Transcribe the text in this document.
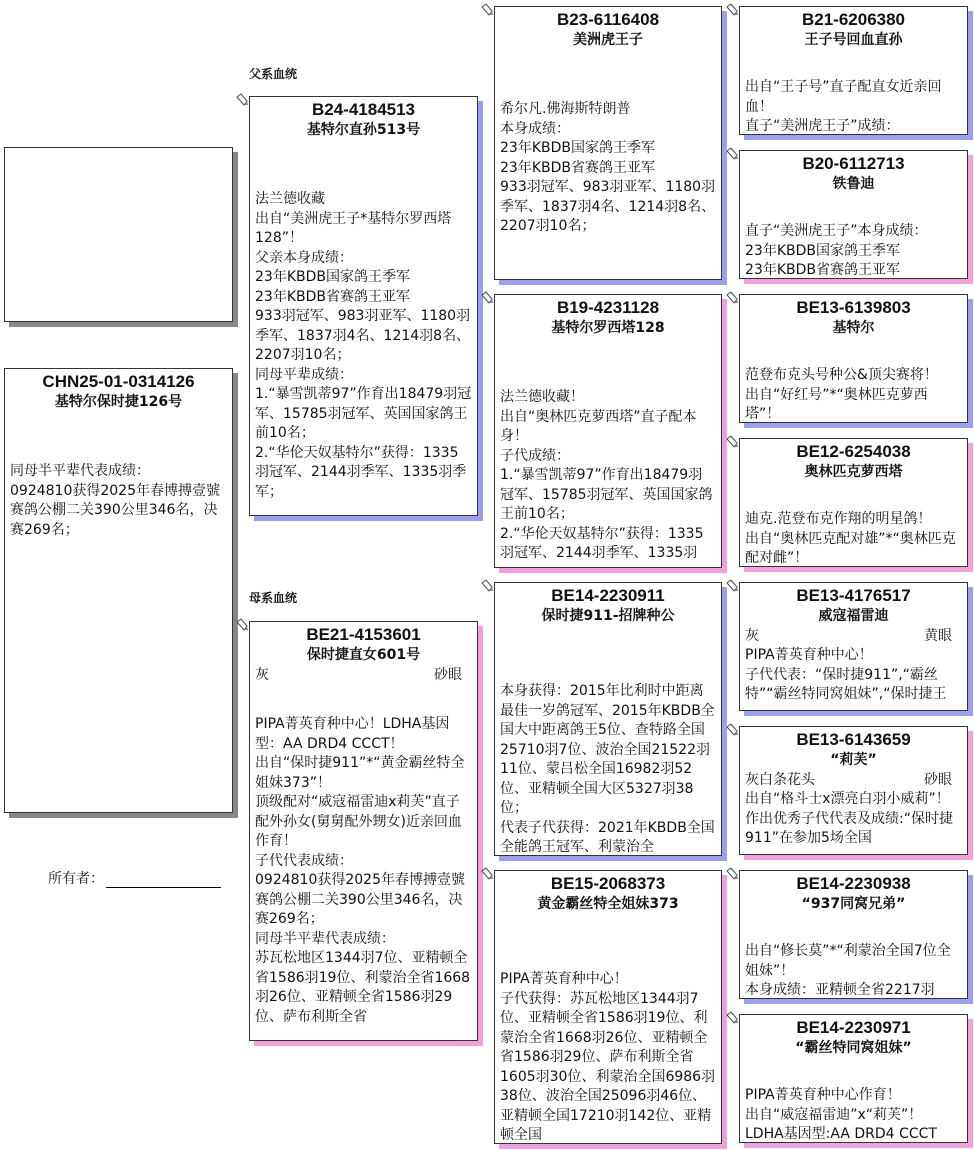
父系血统
母系血统
所有者：
CHN25-01-0314126
基特尔保时捷126号

同母半平辈代表成绩：

0924810获得2025年春博搏壹號赛鸽公棚二关390公里346名，决赛269名；

B24-4184513
基特尔直孙513号

法兰德收藏

出自“美洲虎王子*基特尔罗西塔128”！

父亲本身成绩：

23年KBDB国家鸽王季军

23年KBDB省赛鸽王亚军

933羽冠军、983羽亚军、1180羽季军、1837羽4名、1214羽8名、2207羽10名；

同母平辈成绩：

1.“暴雪凯蒂97”作育出18479羽冠军、15785羽冠军、英国国家鸽王前10名；

2.“华伦天奴基特尔”获得：1335羽冠军、2144羽季军、1335羽季军；

BE21-4153601
保时捷直女601号
灰	砂眼

PIPA菁英育种中心！LDHA基因型：AA DRD4 CCCT！

出自“保时捷911”*“黄金霸丝特全姐妹373”！

顶级配对“威寇福雷迪x莉芙”直子配外孙女(舅舅配外甥女)近亲回血作育！

子代代表成绩：

0924810获得2025年春博搏壹號赛鸽公棚二关390公里346名，决赛269名；

同母半平辈代表成绩：

苏瓦松地区1344羽7位、亚精顿全省1586羽19位、利蒙治全省1668羽26位、亚精顿全省1586羽29位、萨布利斯全省

B23-6116408
美洲虎王子

希尔凡.佛海斯特朗普

本身成绩：

23年KBDB国家鸽王季军

23年KBDB省赛鸽王亚军

933羽冠军、983羽亚军、1180羽季军、1837羽4名、1214羽8名、2207羽10名；

B19-4231128
基特尔罗西塔128

法兰德收藏！

出自“奥林匹克萝西塔”直子配本身！

子代成绩：

1.“暴雪凯蒂97”作育出18479羽冠军、15785羽冠军、英国国家鸽王前10名；

2.“华伦天奴基特尔”获得：1335羽冠军、2144羽季军、1335羽

BE14-2230911
保时捷911-招牌种公

本身获得：2015年比利时中距离最佳一岁鸽冠军、2015年KBDB全国大中距离鸽王5位、查特路全国25710羽7位、波治全国21522羽11位、蒙吕松全国16982羽52位、亚精顿全国大区5327羽38位；

代表子代获得：2021年KBDB全国全能鸽王冠军、利蒙治全

BE15-2068373
黄金霸丝特全姐妹373

PIPA菁英育种中心！

子代获得：苏瓦松地区1344羽7位、亚精顿全省1586羽19位、利蒙治全省1668羽26位、亚精顿全省1586羽29位、萨布利斯全省1605羽30位、利蒙治全国6986羽38位、波治全国25096羽46位、亚精顿全国17210羽142位、亚精顿全国

B21-6206380
王子号回血直孙

出自“王子号”直子配直女近亲回血！

直子“美洲虎王子”成绩：

B20-6112713
铁鲁迪

直子“美洲虎王子”本身成绩：

23年KBDB国家鸽王季军

23年KBDB省赛鸽王亚军

BE13-6139803
基特尔

范登布克头号种公&顶尖赛将！

出自“好红号”*“奥林匹克萝西塔”！

BE12-6254038
奥林匹克萝西塔

迪克.范登布克作翔的明星鸽！

出自“奥林匹克配对雄”*“奥林匹克配对雌”！

BE13-4176517
威寇福雷迪
灰	黄眼

PIPA菁英育种中心！

子代代表：“保时捷911”,“霸丝特”“霸丝特同窝姐妹”,“保时捷王

BE13-6143659
“莉芙”
灰白条花头	砂眼

出自“格斗士x漂亮白羽小威莉”！作出优秀子代代表及成绩:“保时捷911”在参加5场全国

BE14-2230938
“937同窝兄弟”

出自“修长莫”*“利蒙治全国7位全姐妹”！

本身成绩：亚精顿全省2217羽

BE14-2230971
“霸丝特同窝姐妹”

PIPA菁英育种中心作育！

出自“威寇福雷迪”x“莉芙”！

LDHA基因型:AA DRD4 CCCT
